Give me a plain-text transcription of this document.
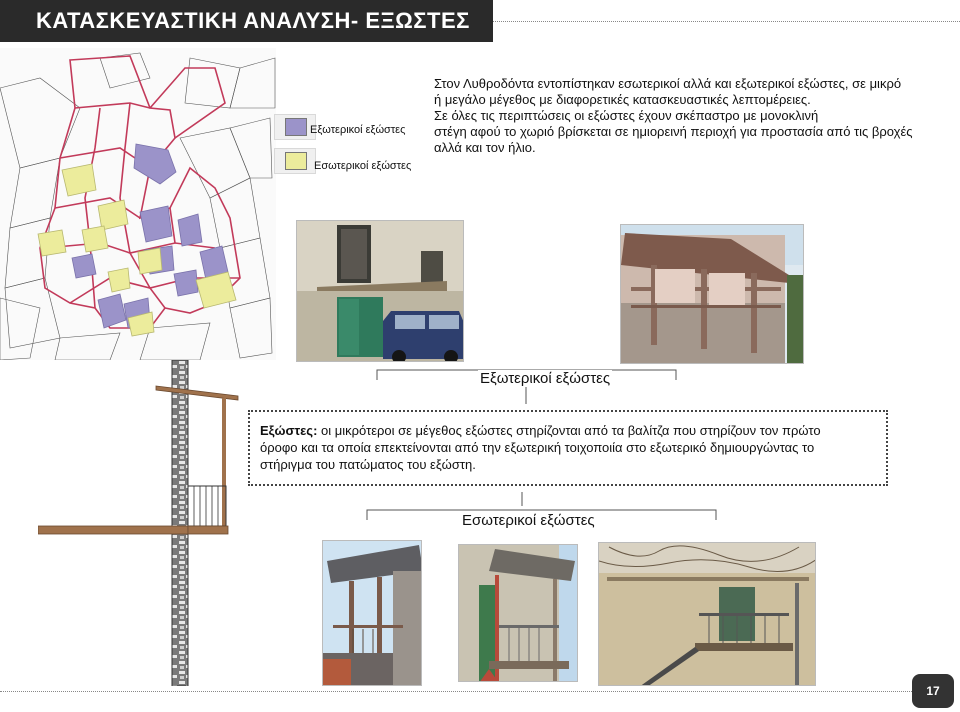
ΚΑΤΑΣΚΕΥΑΣΤΙΚΗ ΑΝΑΛΥΣΗ- ΕΞΩΣΤΕΣ
Εξωτερικοί εξώστες
Εσωτερικοί εξώστες

Στον Λυθροδόντα εντοπίστηκαν εσωτερικοί αλλά και εξωτερικοί εξώστες, σε μικρό

ή μεγάλο μέγεθος με διαφορετικές κατασκευαστικές λεπτομέρειες.

Σε όλες τις περιπτώσεις οι εξώστες έχουν σκέπαστρο με μονοκλινή

στέγη αφού το χωριό βρίσκεται σε ημιορεινή περιοχή για προστασία από τις βροχές

αλλά και τον ήλιο.

Εξωτερικοί εξώστες
Εξώστες: οι μικρότεροι σε μέγεθος εξώστες στηρίζονται από τα βαλίτζα που στηρίζουν τον πρώτο
όροφο και τα οποία επεκτείνονται από την εξωτερική τοιχοποιία στο εξωτερικό δημιουργώντας το
στήριγμα του πατώματος του εξώστη.
Εσωτερικοί εξώστες
17
